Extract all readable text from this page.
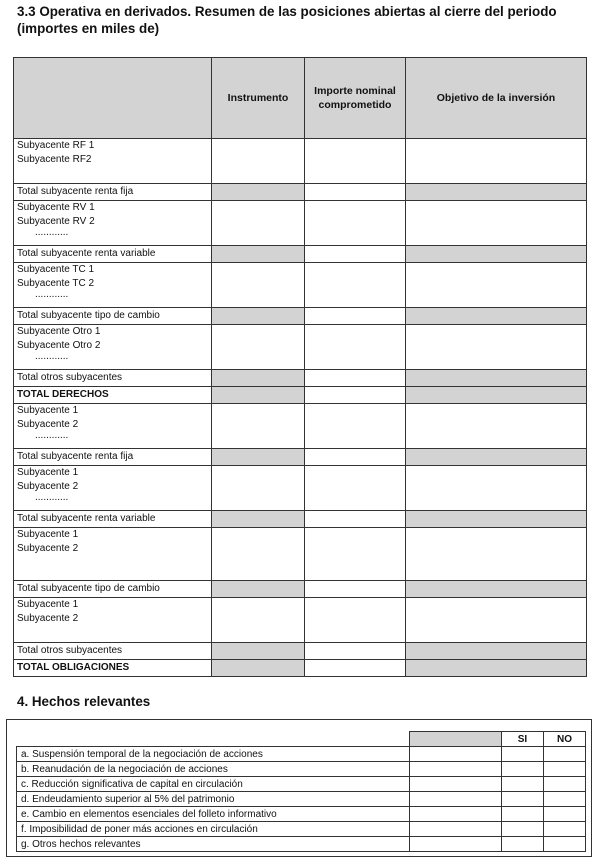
3.3 Operativa en derivados. Resumen de las posiciones abiertas al cierre del periodo (importes en miles de)
	Instrumento	Importe nominal comprometido	Objetivo de la inversión

Subyacente RF 1
Subyacente RF2			

Total subyacente renta fija			

Subyacente RV 1
Subyacente RV 2
............			

Total subyacente renta variable			

Subyacente TC 1
Subyacente TC 2
............			

Total subyacente tipo de cambio			

Subyacente Otro 1
Subyacente Otro 2
............			

Total otros subyacentes			
TOTAL DERECHOS			

Subyacente 1
Subyacente 2
............			

Total subyacente renta fija			

Subyacente 1
Subyacente 2
............			

Total subyacente renta variable			

Subyacente 1
Subyacente 2			

Total subyacente tipo de cambio			

Subyacente 1
Subyacente 2			

Total otros subyacentes			
TOTAL OBLIGACIONES			
4. Hechos relevantes
		SI	NO
a. Suspensión temporal de la negociación de acciones			
b. Reanudación de la negociación de acciones			
c. Reducción significativa de capital en circulación			
d. Endeudamiento superior al 5% del patrimonio			
e. Cambio en elementos esenciales del folleto informativo			
f. Imposibilidad de poner más acciones en circulación			
g. Otros hechos relevantes			
